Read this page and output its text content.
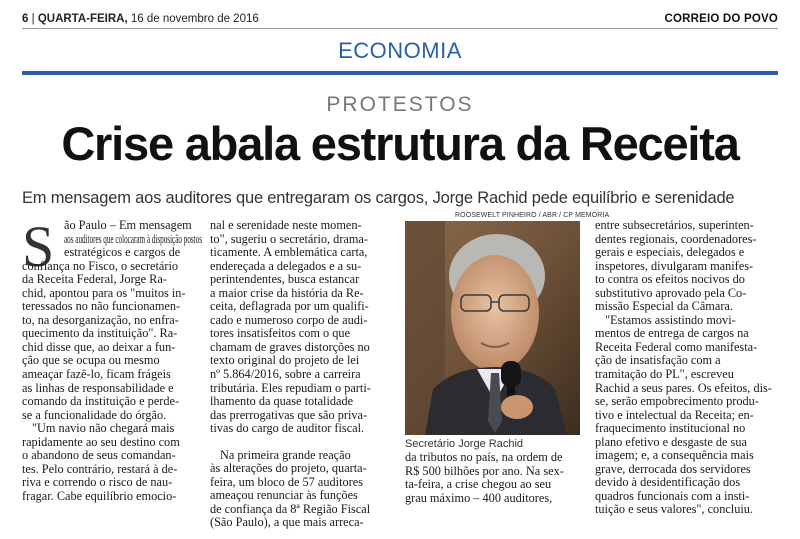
6 | QUARTA-FEIRA, 16 de novembro de 2016	CORREIO DO POVO
ECONOMIA
PROTESTOS
Crise abala estrutura da Receita
Em mensagem aos auditores que entregaram os cargos, Jorge Rachid pede equilíbrio e serenidade
S ão Paulo – Em mensagem

aos auditores que colocaram à disposição postos

estratégicos e cargos de

confiança no Fisco, o secretário

da Receita Federal, Jorge Ra-

chid, apontou para os "muitos in-

teressados no não funcionamen-

to, na desorganização, no enfra-

quecimento da instituição". Ra-

chid disse que, ao deixar a fun-

ção que se ocupa ou mesmo

ameaçar fazê-lo, ficam frágeis

as linhas de responsabilidade e

comando da instituição e perde-

se a funcionalidade do órgão.

"Um navio não chegará mais

rapidamente ao seu destino com

o abandono de seus comandan-

tes. Pelo contrário, restará à de-

riva e correndo o risco de nau-

fragar. Cabe equilíbrio emocio-

nal e serenidade neste momen-

to", sugeriu o secretário, drama-

ticamente. A emblemática carta,

endereçada a delegados e a su-

perintendentes, busca estancar

a maior crise da história da Re-

ceita, deflagrada por um qualifi-

cado e numeroso corpo de audi-

tores insatisfeitos com o que

chamam de graves distorções no

texto original do projeto de lei

nº 5.864/2016, sobre a carreira

tributária. Eles repudiam o parti-

lhamento da quase totalidade

das prerrogativas que são priva-

tivas do cargo de auditor fiscal.

Na primeira grande reação

às alterações do projeto, quarta-

feira, um bloco de 57 auditores

ameaçou renunciar às funções

de confiança da 8ª Região Fiscal

(São Paulo), a que mais arreca-

ROOSEWELT PINHEIRO / ABR / CP MEMÓRIA
Secretário Jorge Rachid

da tributos no país, na ordem de

R$ 500 bilhões por ano. Na sex-

ta-feira, a crise chegou ao seu

grau máximo – 400 auditores,

entre subsecretários, superinten-

dentes regionais, coordenadores-

gerais e especiais, delegados e

inspetores, divulgaram manifes-

to contra os efeitos nocivos do

substitutivo aprovado pela Co-

missão Especial da Câmara.

"Estamos assistindo movi-

mentos de entrega de cargos na

Receita Federal como manifesta-

ção de insatisfação com a

tramitação do PL", escreveu

Rachid a seus pares. Os efeitos, dis-

se, serão empobrecimento produ-

tivo e intelectual da Receita; en-

fraquecimento institucional no

plano efetivo e desgaste de sua

imagem; e, a consequência mais

grave, derrocada dos servidores

devido à desidentificação dos

quadros funcionais com a insti-

tuição e seus valores", concluiu.
